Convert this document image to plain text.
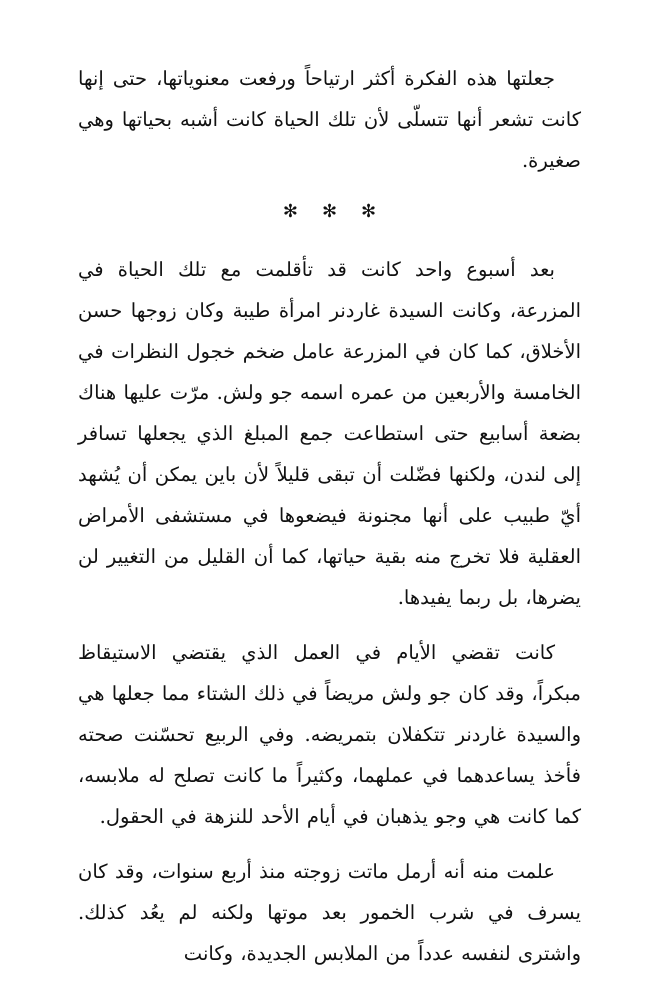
جعلتها هذه الفكرة أكثر ارتياحاً ورفعت معنوياتها، حتى إنها كانت تشعر أنها تتسلّى لأن تلك الحياة كانت أشبه بحياتها وهي صغيرة.

✻ ✻ ✻

بعد أسبوع واحد كانت قد تأقلمت مع تلك الحياة في المزرعة، وكانت السيدة غاردنر امرأة طيبة وكان زوجها حسن الأخلاق، كما كان في المزرعة عامل ضخم خجول النظرات في الخامسة والأربعين من عمره اسمه جو ولش. مرّت عليها هناك بضعة أسابيع حتى استطاعت جمع المبلغ الذي يجعلها تسافر إلى لندن، ولكنها فضّلت أن تبقى قليلاً لأن باين يمكن أن يُشهد أيّ طبيب على أنها مجنونة فيضعوها في مستشفى الأمراض العقلية فلا تخرج منه بقية حياتها، كما أن القليل من التغيير لن يضرها، بل ربما يفيدها.

كانت تقضي الأيام في العمل الذي يقتضي الاستيقاظ مبكراً، وقد كان جو ولش مريضاً في ذلك الشتاء مما جعلها هي والسيدة غاردنر تتكفلان بتمريضه. وفي الربيع تحسّنت صحته فأخذ يساعدهما في عملهما، وكثيراً ما كانت تصلح له ملابسه، كما كانت هي وجو يذهبان في أيام الأحد للنزهة في الحقول.

علمت منه أنه أرمل ماتت زوجته منذ أربع سنوات، وقد كان يسرف في شرب الخمور بعد موتها ولكنه لم يعُد كذلك. واشترى لنفسه عدداً من الملابس الجديدة، وكانت
